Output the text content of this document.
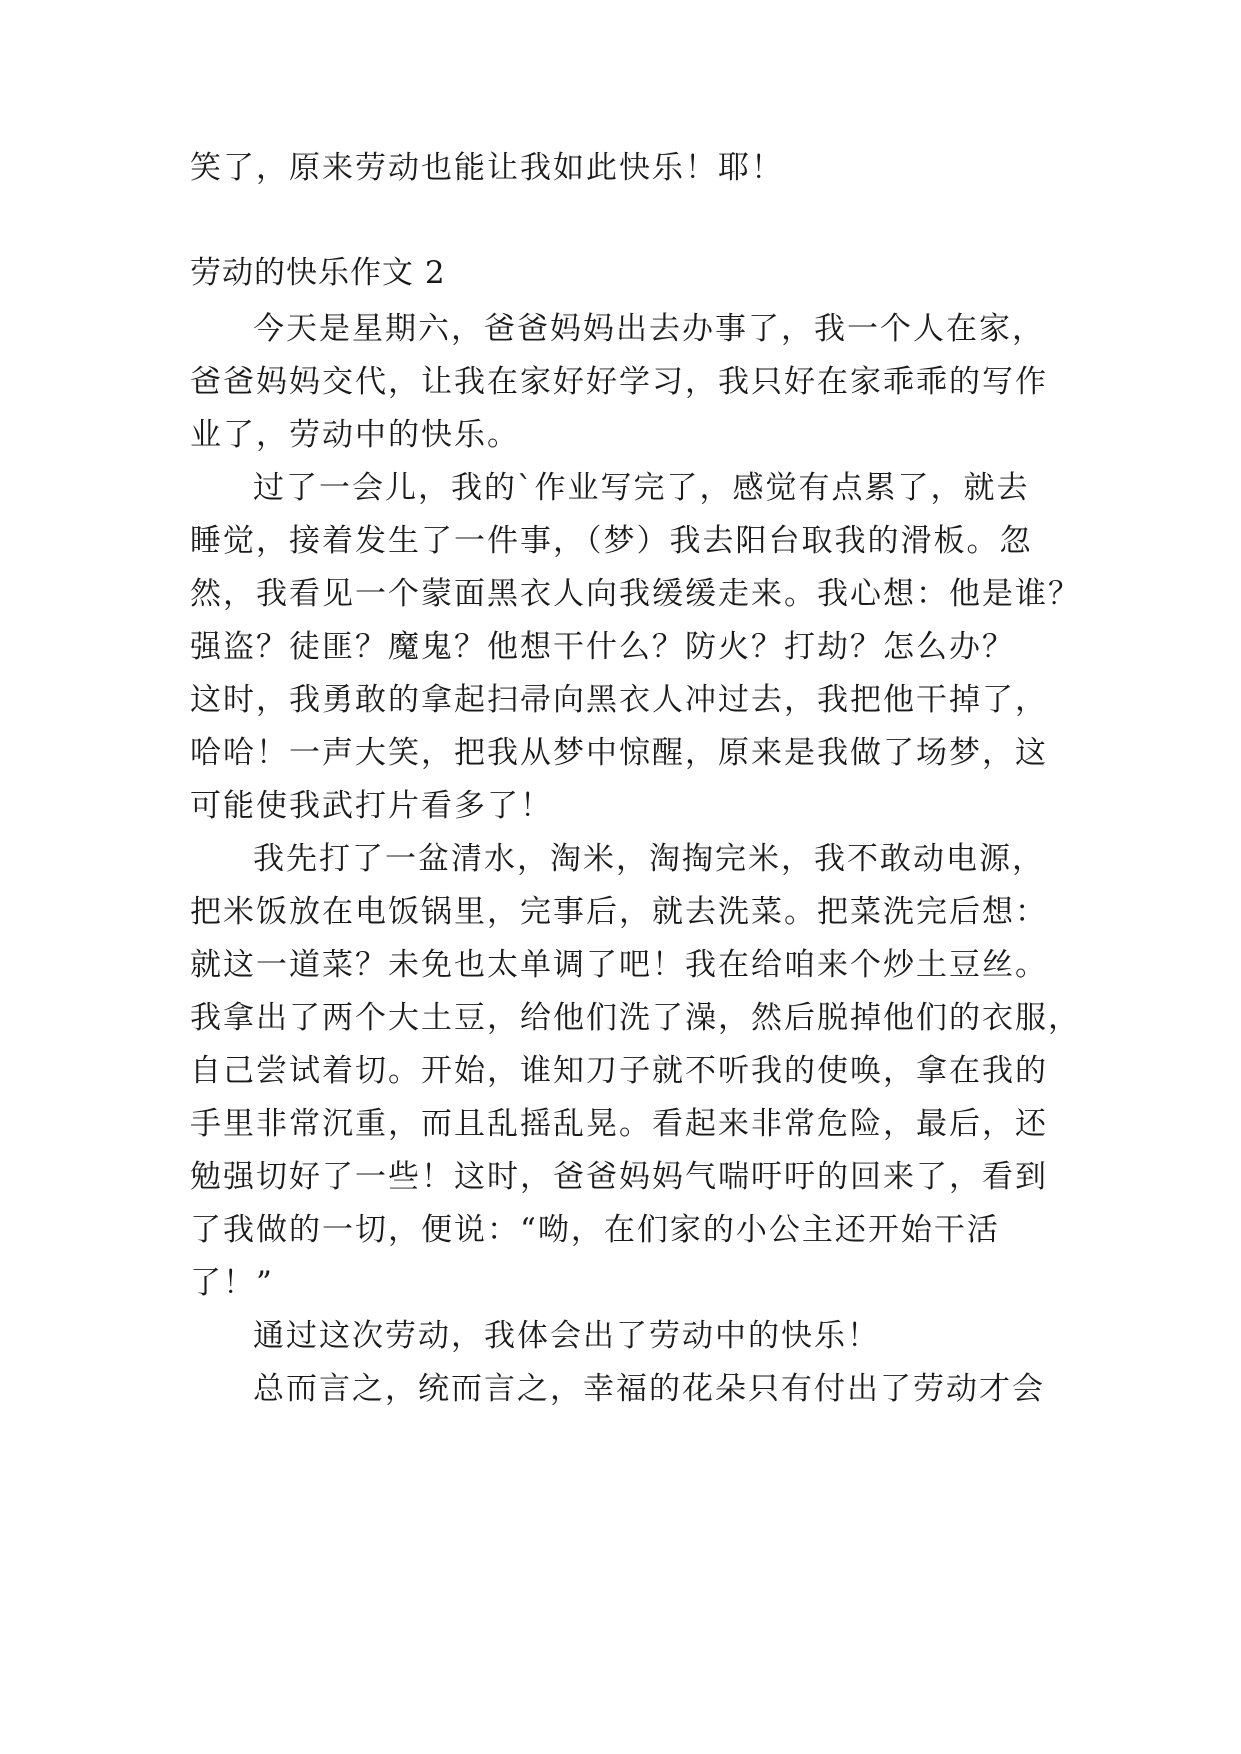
笑了，原来劳动也能让我如此快乐！耶！
劳动的快乐作文 2
今天是星期六，爸爸妈妈出去办事了，我一个人在家，
爸爸妈妈交代，让我在家好好学习，我只好在家乖乖的写作
业了，劳动中的快乐。
过了一会儿，我的`作业写完了，感觉有点累了，就去
睡觉，接着发生了一件事，（梦）我去阳台取我的滑板。忽
然，我看见一个蒙面黑衣人向我缓缓走来。我心想：他是谁？
强盗？徒匪？魔鬼？他想干什么？防火？打劫？怎么办？
这时，我勇敢的拿起扫帚向黑衣人冲过去，我把他干掉了，
哈哈！一声大笑，把我从梦中惊醒，原来是我做了场梦，这
可能使我武打片看多了！
我先打了一盆清水，淘米，淘掏完米，我不敢动电源，
把米饭放在电饭锅里，完事后，就去洗菜。把菜洗完后想：
就这一道菜？未免也太单调了吧！我在给咱来个炒土豆丝。
我拿出了两个大土豆，给他们洗了澡，然后脱掉他们的衣服，
自己尝试着切。开始，谁知刀子就不听我的使唤，拿在我的
手里非常沉重，而且乱摇乱晃。看起来非常危险，最后，还
勉强切好了一些！这时，爸爸妈妈气喘吁吁的回来了，看到
了我做的一切，便说：“呦，在们家的小公主还开始干活
了！”
通过这次劳动，我体会出了劳动中的快乐！
总而言之，统而言之，幸福的花朵只有付出了劳动才会
